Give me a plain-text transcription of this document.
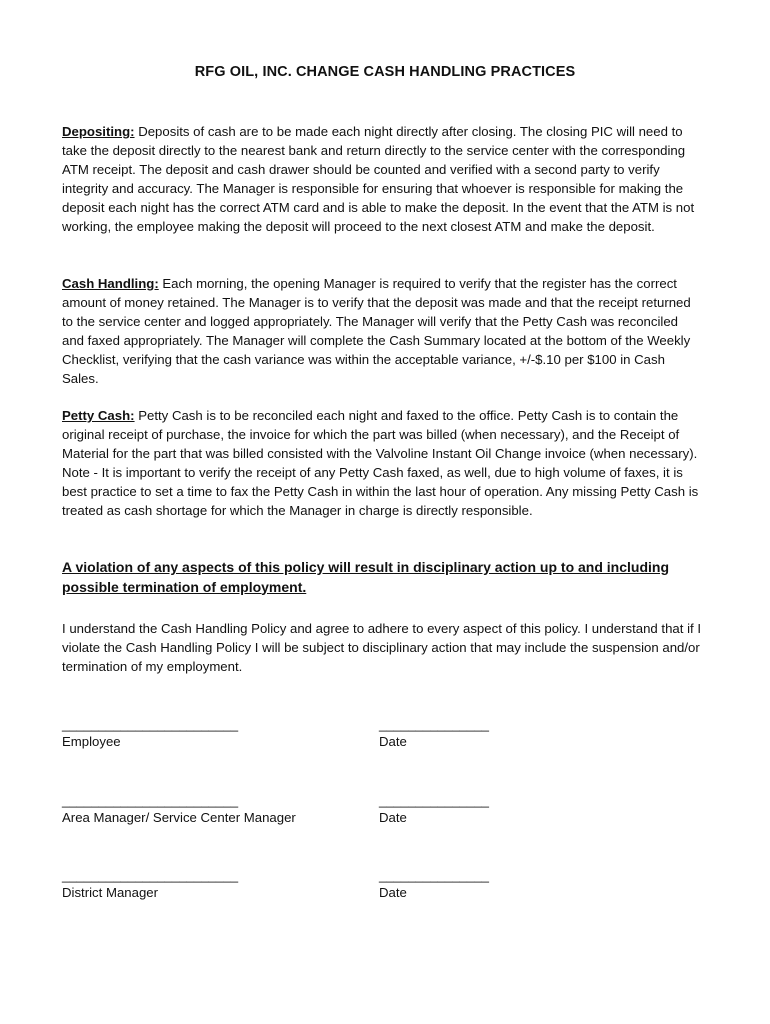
RFG OIL, INC. CHANGE CASH HANDLING PRACTICES
Depositing: Deposits of cash are to be made each night directly after closing. The closing PIC will need to take the deposit directly to the nearest bank and return directly to the service center with the corresponding ATM receipt. The deposit and cash drawer should be counted and verified with a second party to verify integrity and accuracy. The Manager is responsible for ensuring that whoever is responsible for making the deposit each night has the correct ATM card and is able to make the deposit. In the event that the ATM is not working, the employee making the deposit will proceed to the next closest ATM and make the deposit.
Cash Handling: Each morning, the opening Manager is required to verify that the register has the correct amount of money retained. The Manager is to verify that the deposit was made and that the receipt returned to the service center and logged appropriately. The Manager will verify that the Petty Cash was reconciled and faxed appropriately. The Manager will complete the Cash Summary located at the bottom of the Weekly Checklist, verifying that the cash variance was within the acceptable variance, +/-$.10 per $100 in Cash Sales.
Petty Cash: Petty Cash is to be reconciled each night and faxed to the office. Petty Cash is to contain the original receipt of purchase, the invoice for which the part was billed (when necessary), and the Receipt of Material for the part that was billed consisted with the Valvoline Instant Oil Change invoice (when necessary).
Note - It is important to verify the receipt of any Petty Cash faxed, as well, due to high volume of faxes, it is best practice to set a time to fax the Petty Cash in within the last hour of operation. Any missing Petty Cash is treated as cash shortage for which the Manager in charge is directly responsible.
A violation of any aspects of this policy will result in disciplinary action up to and including possible termination of employment.
I understand the Cash Handling Policy and agree to adhere to every aspect of this policy. I understand that if I violate the Cash Handling Policy I will be subject to disciplinary action that may include the suspension and/or termination of my employment.
________________________	_______________
Employee	Date
________________________	_______________
Area Manager/ Service Center Manager	Date
________________________	_______________
District Manager	Date
